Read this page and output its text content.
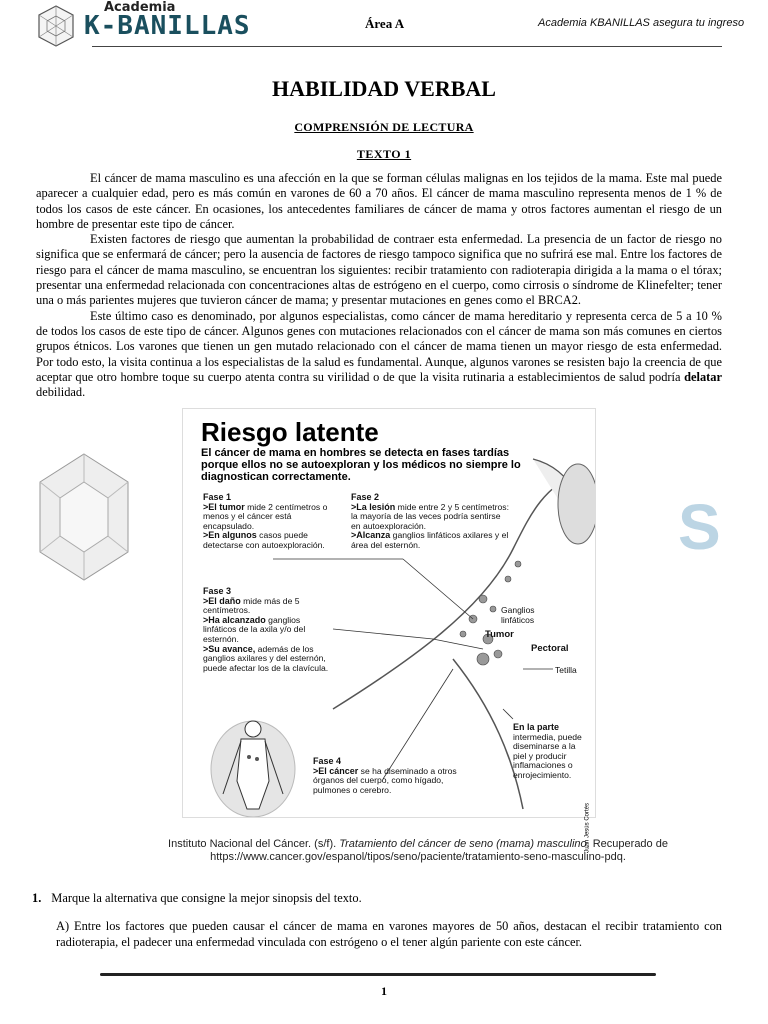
Academia
K-BANILLAS	Área A	Academia KBANILLAS asegura tu ingreso
HABILIDAD VERBAL
COMPRENSIÓN DE LECTURA
TEXTO 1

El cáncer de mama masculino es una afección en la que se forman células malignas en los tejidos de la mama. Este mal puede aparecer a cualquier edad, pero es más común en varones de 60 a 70 años. El cáncer de mama masculino representa menos de 1 % de todos los casos de este cáncer. En ocasiones, los antecedentes familiares de cáncer de mama y otros factores aumentan el riesgo de un hombre de presentar este tipo de cáncer.

Existen factores de riesgo que aumentan la probabilidad de contraer esta enfermedad. La presencia de un factor de riesgo no significa que se enfermará de cáncer; pero la ausencia de factores de riesgo tampoco significa que no sufrirá ese mal. Entre los factores de riesgo para el cáncer de mama masculino, se encuentran los siguientes: recibir tratamiento con radioterapia dirigida a la mama o el tórax; presentar una enfermedad relacionada con concentraciones altas de estrógeno en el cuerpo, como cirrosis o síndrome de Klinefelter; tener una o más parientes mujeres que tuvieron cáncer de mama; y presentar mutaciones en genes como el BRCA2.

Este último caso es denominado, por algunos especialistas, como cáncer de mama hereditario y representa cerca de 5 a 10 % de todos los casos de este tipo de cáncer. Algunos genes con mutaciones relacionados con el cáncer de mama son más comunes en ciertos grupos étnicos. Los varones que tienen un gen mutado relacionado con el cáncer de mama tienen un mayor riesgo de esta enfermedad. Por todo esto, la visita continua a los especialistas de la salud es fundamental. Aunque, algunos varones se resisten bajo la creencia de que aceptar que otro hombre toque su cuerpo atenta contra su virilidad o de que la visita rutinaria a establecimientos de salud podría delatar debilidad.

S
Riesgo latente
El cáncer de mama en hombres se detecta en fases tardías porque ellos no se autoexploran y los médicos no siempre lo diagnostican correctamente.
Fase 1
>El tumor mide 2 centímetros o menos y el cáncer está encapsulado.
>En algunos casos puede detectarse con autoexploración.
Fase 2
>La lesión mide entre 2 y 5 centímetros: la mayoría de las veces podría sentirse en autoexploración.
>Alcanza ganglios linfáticos axilares y el área del esternón.
Fase 3
>El daño mide más de 5 centímetros.
>Ha alcanzado ganglios linfáticos de la axila y/o del esternón.
>Su avance, además de los ganglios axilares y del esternón, puede afectar los de la clavícula.
Fase 4
>El cáncer se ha diseminado a otros órganos del cuerpo, como hígado, pulmones o cerebro.
Ganglios linfáticos
Tumor
Pectoral
Tetilla
En la parte
intermedia, puede diseminarse a la piel y producir inflamaciones o enrojecimiento.
Juan Jesús Cortés
Instituto Nacional del Cáncer. (s/f). Tratamiento del cáncer de seno (mama) masculino. Recuperado de https://www.cancer.gov/espanol/tipos/seno/paciente/tratamiento-seno-masculino-pdq.
1. Marque la alternativa que consigne la mejor sinopsis del texto.
A) Entre los factores que pueden causar el cáncer de mama en varones mayores de 50 años, destacan el recibir tratamiento con radioterapia, el padecer una enfermedad vinculada con estrógeno o el tener algún pariente con este cáncer.
1
